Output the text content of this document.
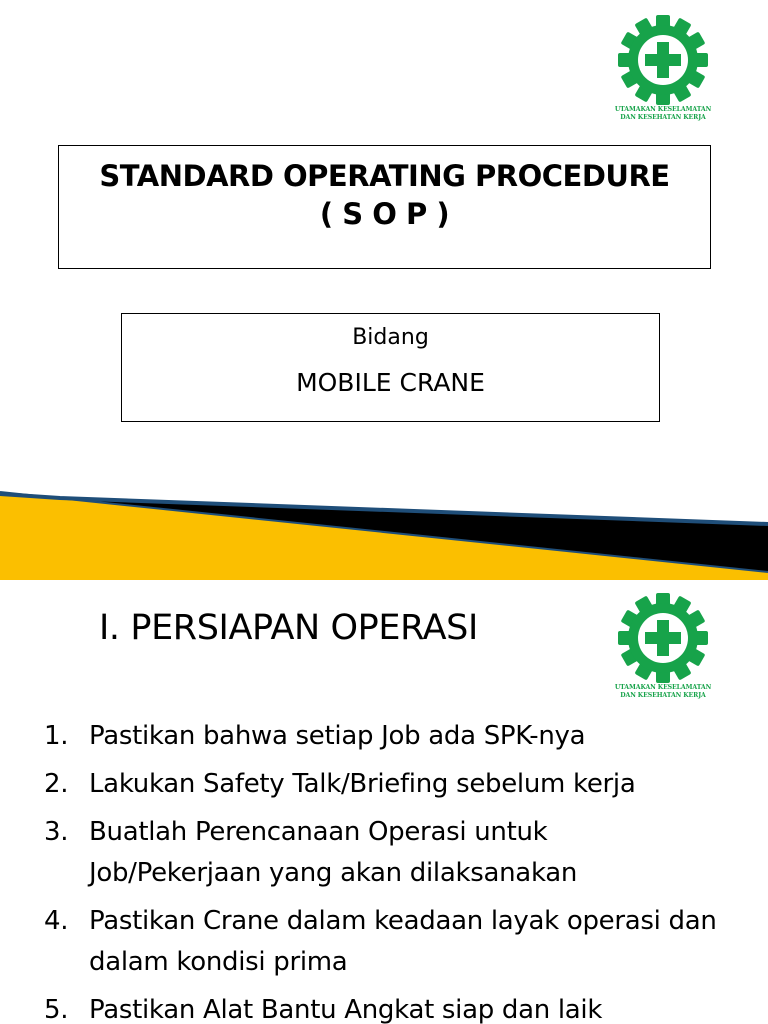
UTAMAKAN KESELAMATAN
DAN KESEHATAN KERJA
STANDARD OPERATING PROCEDURE
( S O P )
Bidang
MOBILE CRANE
I. PERSIAPAN OPERASI
1. Pastikan bahwa setiap Job ada SPK-nya
2. Lakukan Safety Talk/Briefing sebelum kerja
3. Buatlah Perencanaan Operasi untuk Job/Pekerjaan yang akan dilaksanakan
4. Pastikan Crane dalam keadaan layak operasi dan dalam kondisi prima
5. Pastikan Alat Bantu Angkat siap dan laik
UTAMAKAN KESELAMATAN
DAN KESEHATAN KERJA
